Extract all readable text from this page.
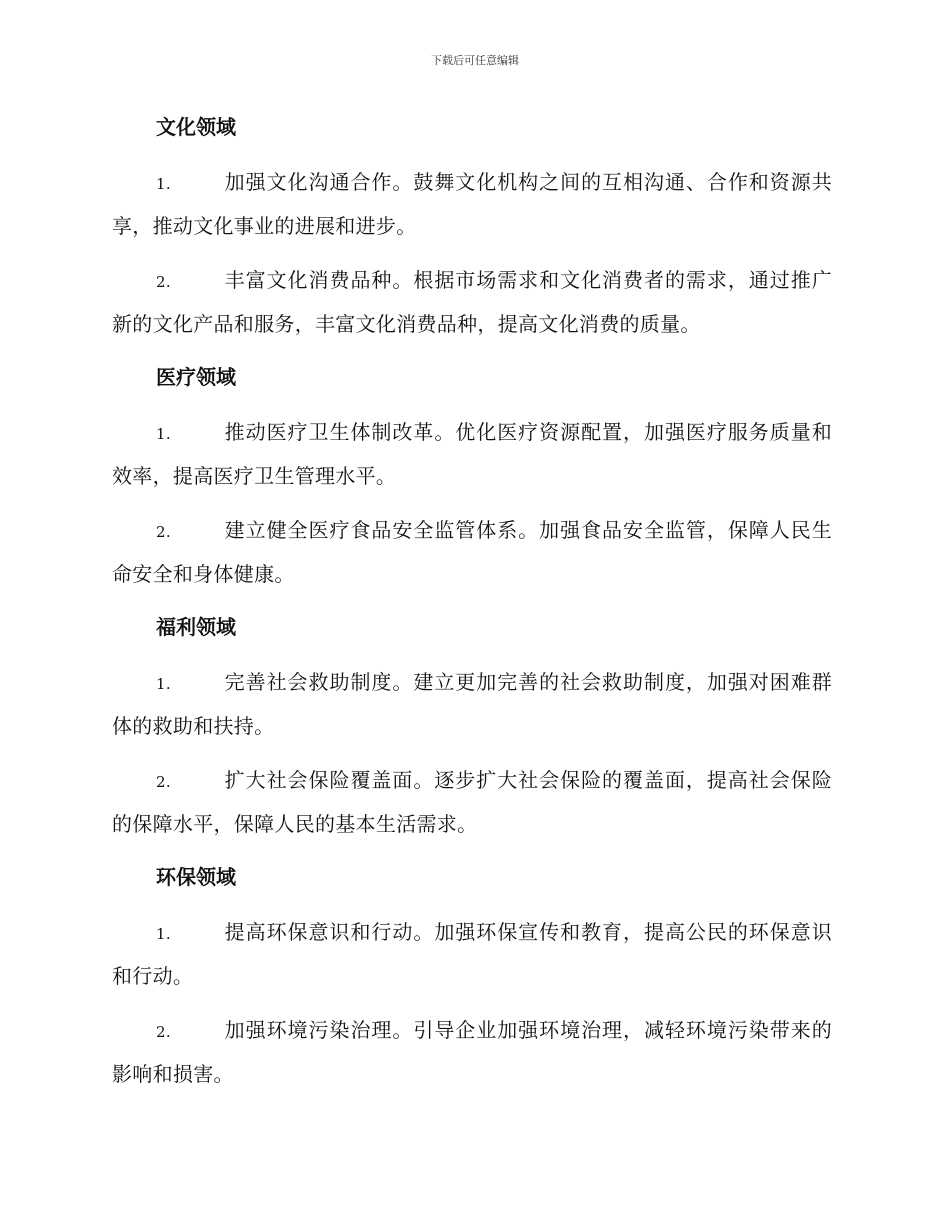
下载后可任意编辑
文化领域
1.	加强文化沟通合作。鼓舞文化机构之间的互相沟通、合作和资源共享，推动文化事业的进展和进步。
2.	丰富文化消费品种。根据市场需求和文化消费者的需求，通过推广新的文化产品和服务，丰富文化消费品种，提高文化消费的质量。
医疗领域
1.	推动医疗卫生体制改革。优化医疗资源配置，加强医疗服务质量和效率，提高医疗卫生管理水平。
2.	建立健全医疗食品安全监管体系。加强食品安全监管，保障人民生命安全和身体健康。
福利领域
1.	完善社会救助制度。建立更加完善的社会救助制度，加强对困难群体的救助和扶持。
2.	扩大社会保险覆盖面。逐步扩大社会保险的覆盖面，提高社会保险的保障水平，保障人民的基本生活需求。
环保领域
1.	提高环保意识和行动。加强环保宣传和教育，提高公民的环保意识和行动。
2.	加强环境污染治理。引导企业加强环境治理，减轻环境污染带来的影响和损害。
